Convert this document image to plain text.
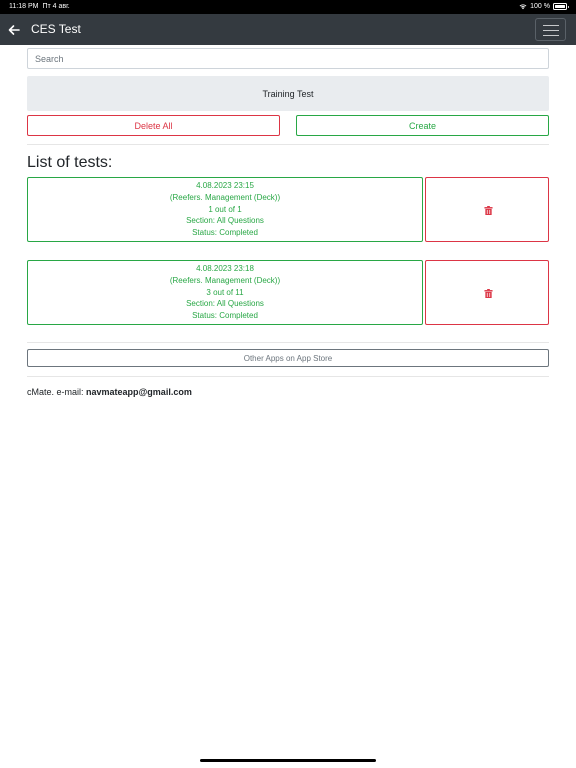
11:18 PM Пт 4 авг.	100 %
CES Test
Search
Training Test
Delete All	Create
List of tests:
4.08.2023 23:15
(Reefers. Management (Deck))
1 out of 1
Section: All Questions
Status: Completed
4.08.2023 23:18
(Reefers. Management (Deck))
3 out of 11
Section: All Questions
Status: Completed
Other Apps on App Store
cMate. e-mail: navmateapp@gmail.com
